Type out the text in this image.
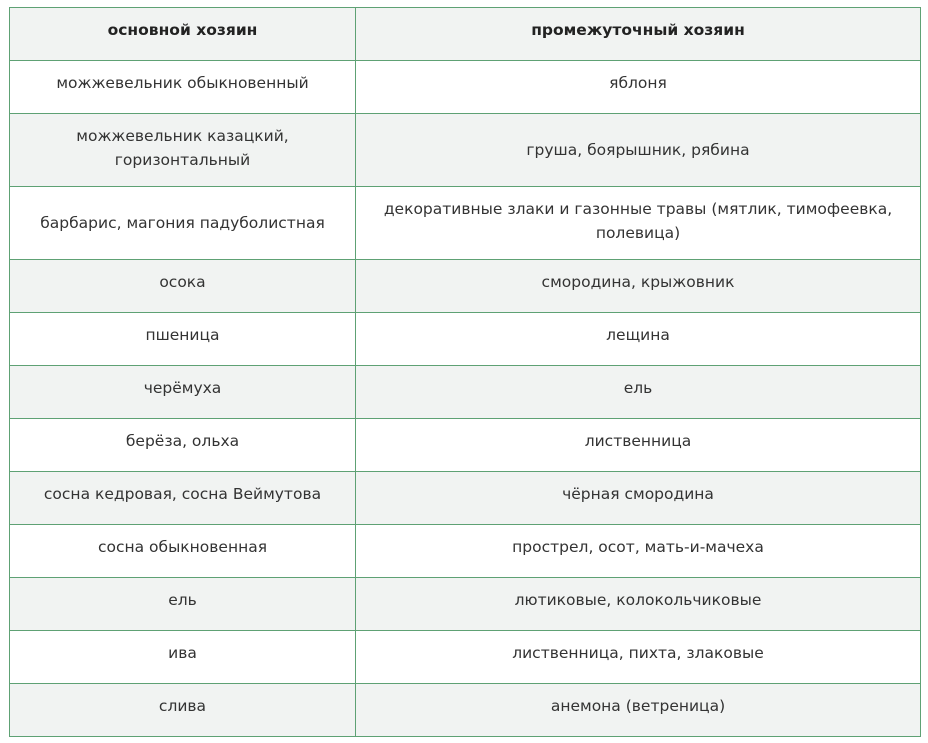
основной хозяин	промежуточный хозяин
можжевельник обыкновенный	яблоня
можжевельник казацкий, горизонтальный	груша, боярышник, рябина
барбарис, магония падуболистная	декоративные злаки и газонные травы (мятлик, тимофеевка, полевица)
осока	смородина, крыжовник
пшеница	лещина
черёмуха	ель
берёза, ольха	лиственница
сосна кедровая, сосна Веймутова	чёрная смородина
сосна обыкновенная	прострел, осот, мать-и-мачеха
ель	лютиковые, колокольчиковые
ива	лиственница, пихта, злаковые
слива	анемона (ветреница)
